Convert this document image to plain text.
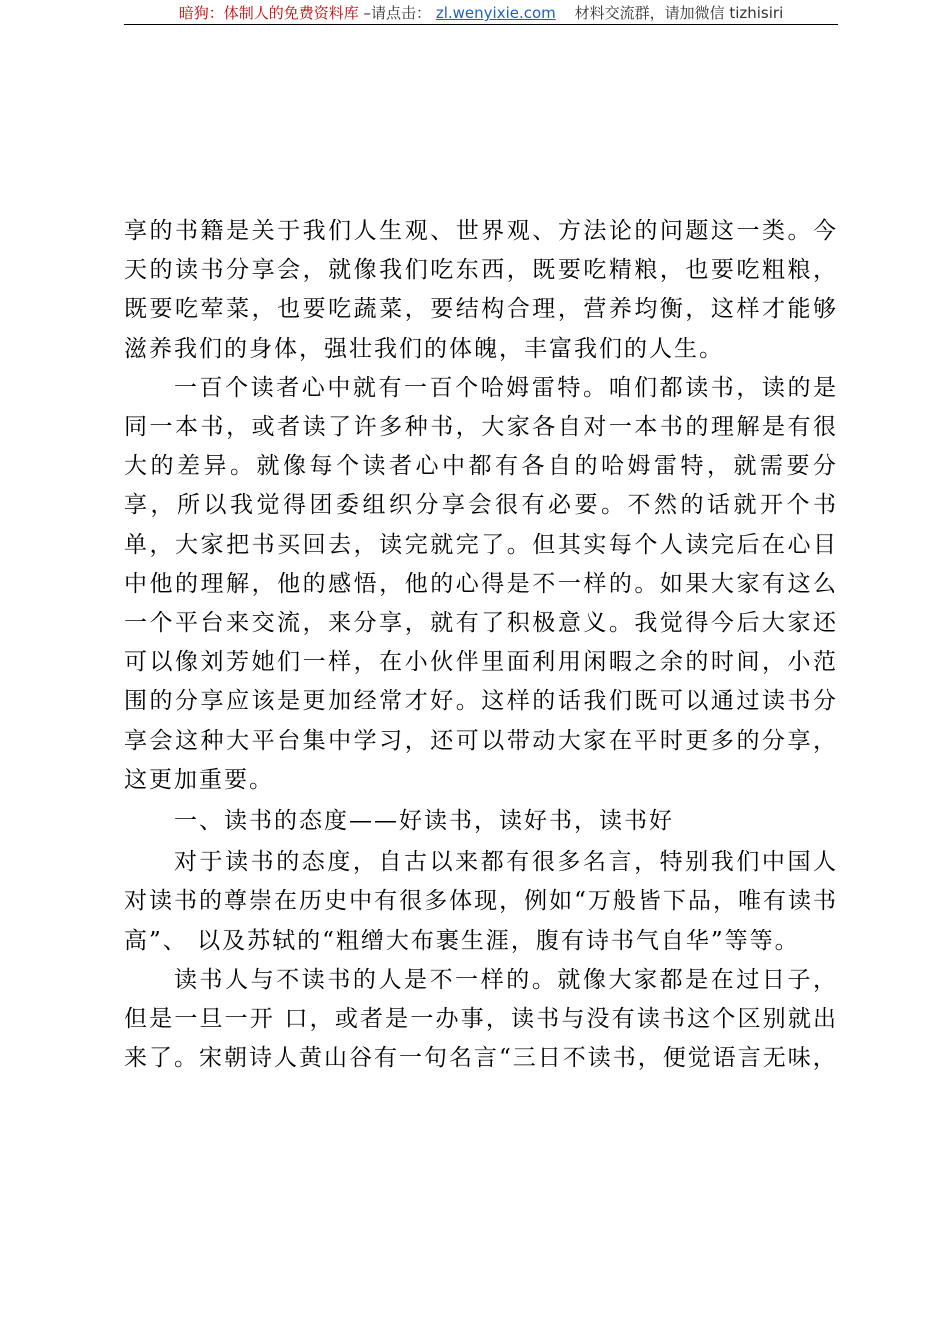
暗狗：体制人的免费资料库 –请点击： zl.wenyixie.com 材料交流群，请加微信 tizhisiri

享的书籍是关于我们人生观、世界观、方法论的问题这一类。今天的读书分享会，就像我们吃东西，既要吃精粮，也要吃粗粮，既要吃荤菜，也要吃蔬菜，要结构合理，营养均衡，这样才能够滋养我们的身体，强壮我们的体魄，丰富我们的人生。

一百个读者心中就有一百个哈姆雷特。咱们都读书，读的是同一本书，或者读了许多种书，大家各自对一本书的理解是有很大的差异。就像每个读者心中都有各自的哈姆雷特，就需要分享，所以我觉得团委组织分享会很有必要。不然的话就开个书单，大家把书买回去，读完就完了。但其实每个人读完后在心目中他的理解，他的感悟，他的心得是不一样的。如果大家有这么一个平台来交流，来分享，就有了积极意义。我觉得今后大家还可以像刘芳她们一样，在小伙伴里面利用闲暇之余的时间，小范围的分享应该是更加经常才好。这样的话我们既可以通过读书分享会这种大平台集中学习，还可以带动大家在平时更多的分享，这更加重要。

一、读书的态度——好读书，读好书，读书好

对于读书的态度，自古以来都有很多名言，特别我们中国人对读书的尊崇在历史中有很多体现，例如“万般皆下品，唯有读书高”、 以及苏轼的“粗缯大布裹生涯，腹有诗书气自华”等等。

读书人与不读书的人是不一样的。就像大家都是在过日子，但是一旦一开 口，或者是一办事，读书与没有读书这个区别就出来了。宋朝诗人黄山谷有一句名言“三日不读书，便觉语言无味，
